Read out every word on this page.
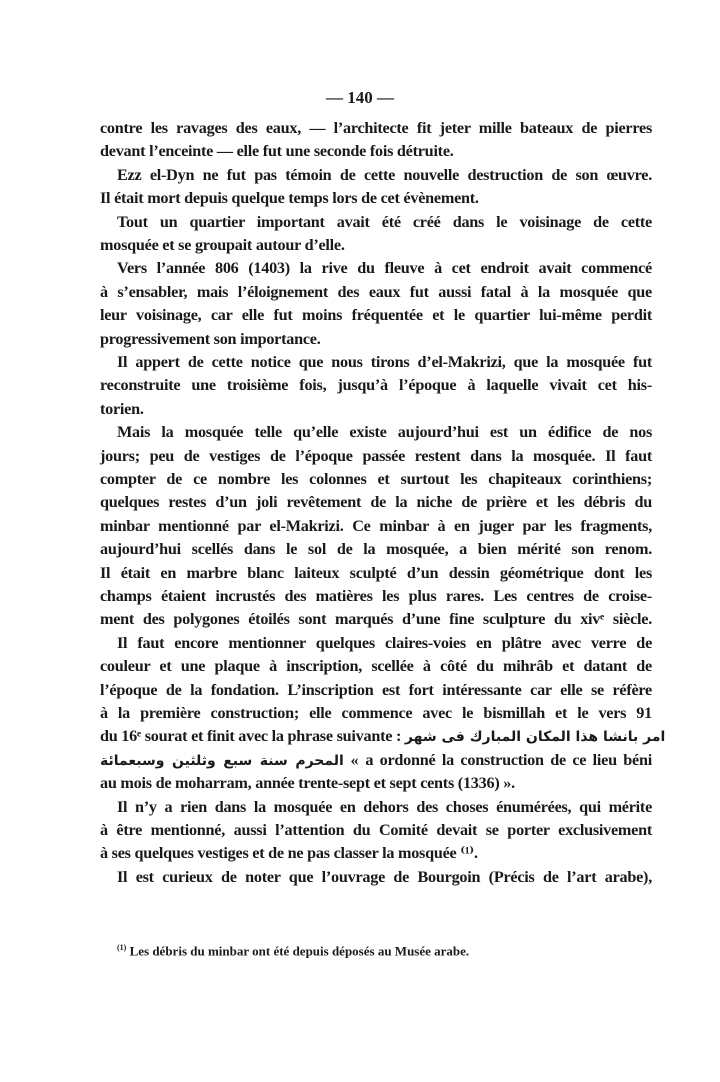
— 140 —
contre les ravages des eaux, — l’architecte fit jeter mille bateaux de pierres
devant l’enceinte — elle fut une seconde fois détruite.
Ezz el-Dyn ne fut pas témoin de cette nouvelle destruction de son œuvre.
Il était mort depuis quelque temps lors de cet évènement.
Tout un quartier important avait été créé dans le voisinage de cette
mosquée et se groupait autour d’elle.
Vers l’année 806 (1403) la rive du fleuve à cet endroit avait commencé
à s’ensabler, mais l’éloignement des eaux fut aussi fatal à la mosquée que
leur voisinage, car elle fut moins fréquentée et le quartier lui-même perdit
progressivement son importance.
Il appert de cette notice que nous tirons d’el-Makrizi, que la mosquée fut
reconstruite une troisième fois, jusqu’à l’époque à laquelle vivait cet his-
torien.
Mais la mosquée telle qu’elle existe aujourd’hui est un édifice de nos
jours; peu de vestiges de l’époque passée restent dans la mosquée. Il faut
compter de ce nombre les colonnes et surtout les chapiteaux corinthiens;
quelques restes d’un joli revêtement de la niche de prière et les débris du
minbar mentionné par el-Makrizi. Ce minbar à en juger par les fragments,
aujourd’hui scellés dans le sol de la mosquée, a bien mérité son renom.
Il était en marbre blanc laiteux sculpté d’un dessin géométrique dont les
champs étaient incrustés des matières les plus rares. Les centres de croise-
ment des polygones étoilés sont marqués d’une fine sculpture du xivᵉ siècle.
Il faut encore mentionner quelques claires-voies en plâtre avec verre de
couleur et une plaque à inscription, scellée à côté du mihrâb et datant de
l’époque de la fondation. L’inscription est fort intéressante car elle se réfère
à la première construction; elle commence avec le bismillah et le vers 91
du 16ᵉ sourat et finit avec la phrase suivante : امر بانشا هذا المكان المبارك فى شهر
المحرم سنة سبع وثلثين وسبعمائة « a ordonné la construction de ce lieu béni
au mois de moharram, année trente-sept et sept cents (1336) ».
Il n’y a rien dans la mosquée en dehors des choses énumérées, qui mérite
à être mentionné, aussi l’attention du Comité devait se porter exclusivement
à ses quelques vestiges et de ne pas classer la mosquée ⁽¹⁾.
Il est curieux de noter que l’ouvrage de Bourgoin (Précis de l’art arabe),
$^{(1)}$ Les débris du minbar ont été depuis déposés au Musée arabe.
